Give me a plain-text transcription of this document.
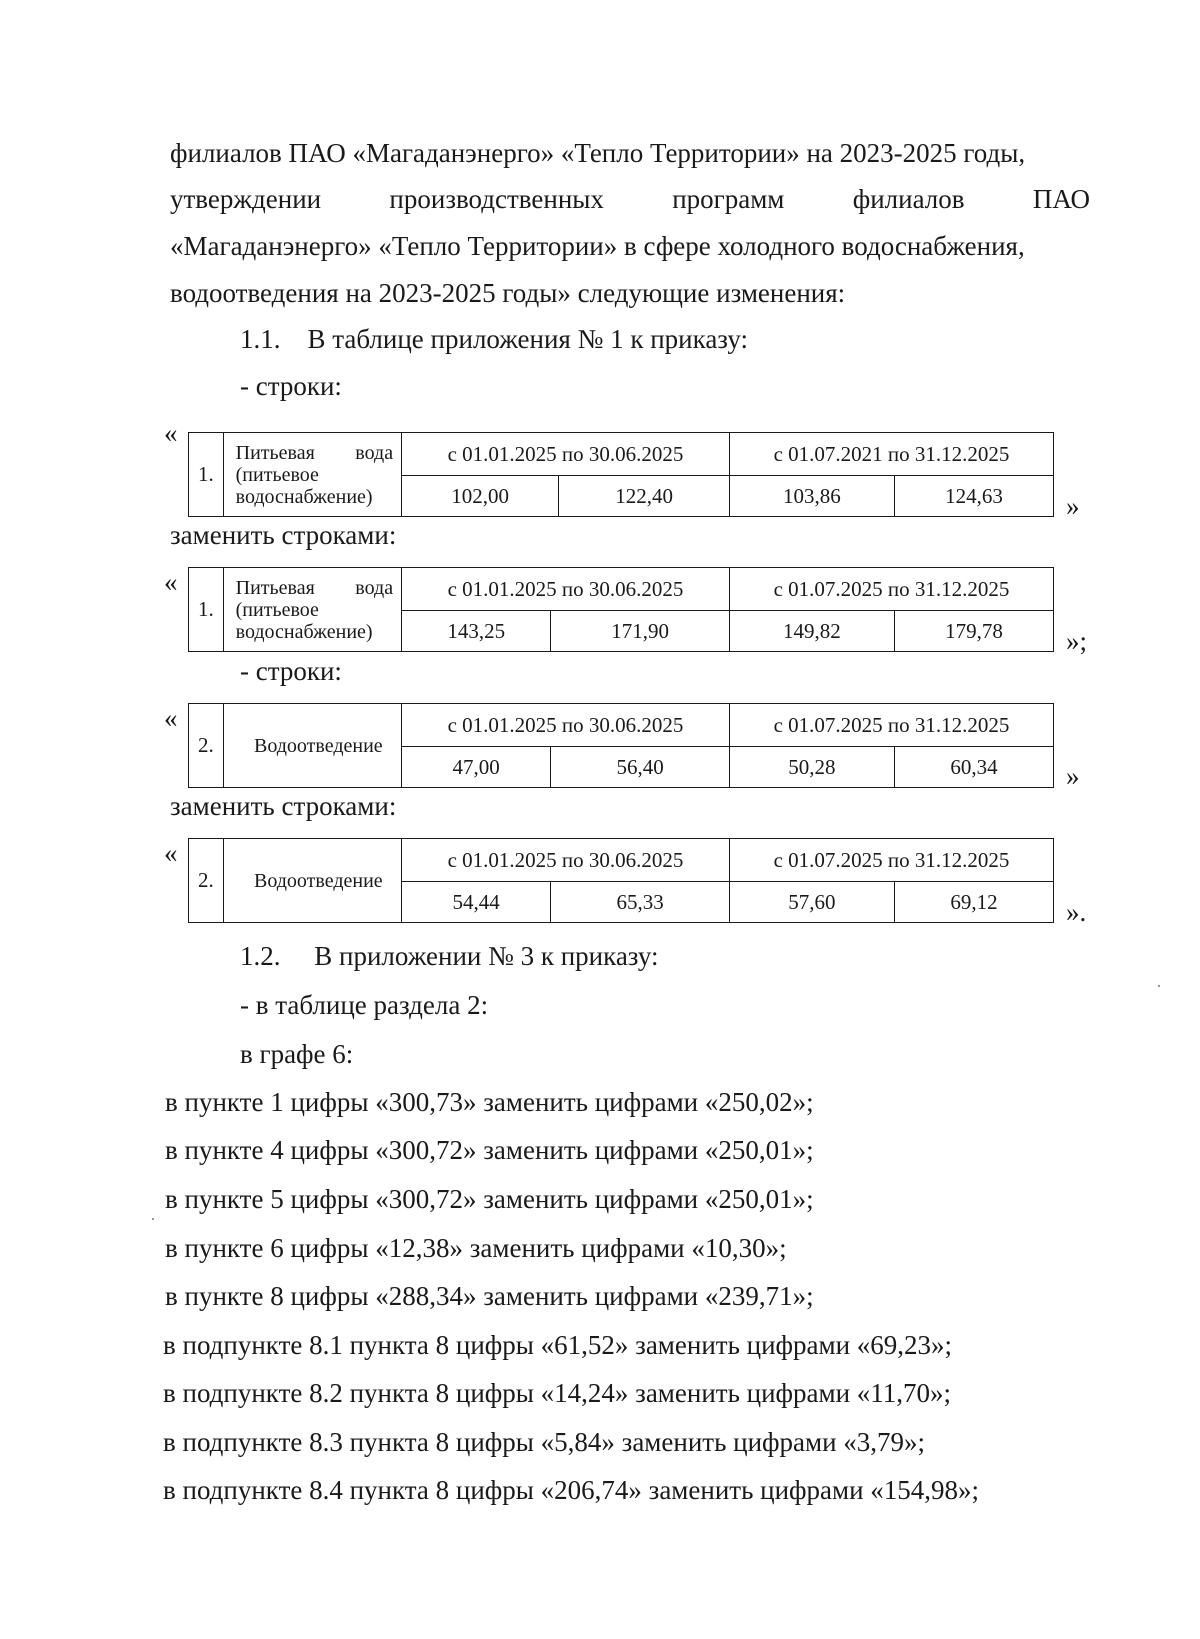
филиалов ПАО «Магаданэнерго» «Тепло Территории» на 2023-2025 годы,
утверждении	производственных	программ	филиалов	ПАО
«Магаданэнерго» «Тепло Территории» в сфере холодного водоснабжения,
водоотведения на 2023-2025 годы» следующие изменения:
1.1.    В таблице приложения № 1 к приказу:
- строки:
«
1.	Питьевая вода
(питьевое
водоснабжение)	с 01.01.2025 по 30.06.2025		с 01.07.2021 по 31.12.2025	
		102,00	122,40	103,86	124,63 »
заменить строками:
«
1.	Питьевая вода
(питьевое
водоснабжение)	с 01.01.2025 по 30.06.2025		с 01.07.2025 по 31.12.2025	
		143,25	171,90	149,82	179,78 »;
- строки:
«
2.	Водоотведение	с 01.01.2025 по 30.06.2025		с 01.07.2025 по 31.12.2025	
		47,00	56,40	50,28	60,34	»
заменить строками:
«
2.	Водоотведение	с 01.01.2025 по 30.06.2025		с 01.07.2025 по 31.12.2025	
		54,44	65,33	57,60	69,12	».
1.2.     В приложении № 3 к приказу:
- в таблице раздела 2:
в графе 6:
в пункте 1 цифры «300,73» заменить цифрами «250,02»;
в пункте 4 цифры «300,72» заменить цифрами «250,01»;
в пункте 5 цифры «300,72» заменить цифрами «250,01»;
в пункте 6 цифры «12,38» заменить цифрами «10,30»;
в пункте 8 цифры «288,34» заменить цифрами «239,71»;
в подпункте 8.1 пункта 8 цифры «61,52» заменить цифрами «69,23»;
в подпункте 8.2 пункта 8 цифры «14,24» заменить цифрами «11,70»;
в подпункте 8.3 пункта 8 цифры «5,84» заменить цифрами «3,79»;
в подпункте 8.4 пункта 8 цифры «206,74» заменить цифрами «154,98»;
